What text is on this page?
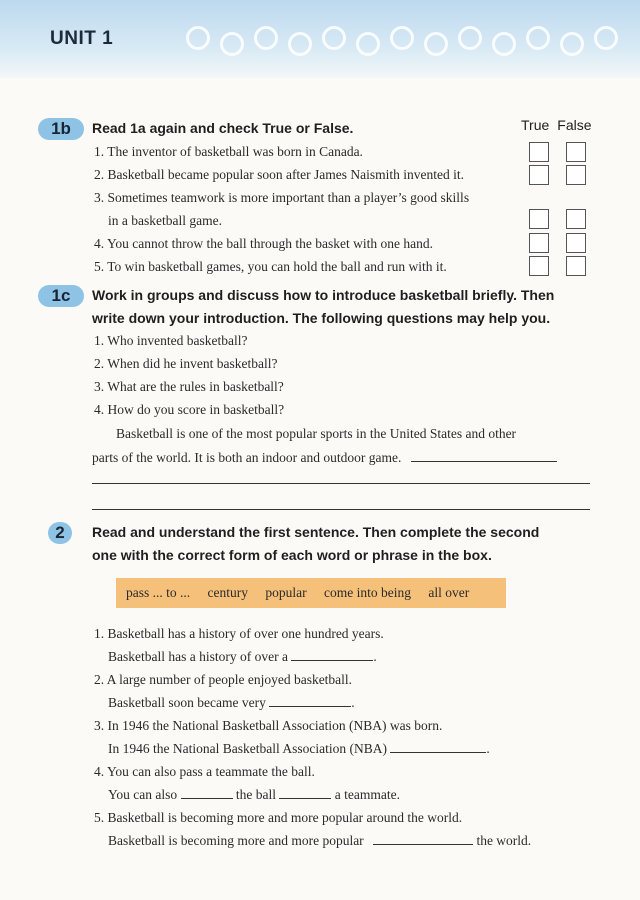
UNIT 1
1b	Read 1a again and check True or False.	True False
1. The inventor of basketball was born in Canada.
2. Basketball became popular soon after James Naismith invented it.
3. Sometimes teamwork is more important than a player’s good skills
in a basketball game.
4. You cannot throw the ball through the basket with one hand.
5. To win basketball games, you can hold the ball and run with it.
1c	Work in groups and discuss how to introduce basketball briefly. Then
write down your introduction. The following questions may help you.
1. Who invented basketball?
2. When did he invent basketball?
3. What are the rules in basketball?
4. How do you score in basketball?
Basketball is one of the most popular sports in the United States and other
parts of the world. It is both an indoor and outdoor game.
2	Read and understand the first sentence. Then complete the second
one with the correct form of each word or phrase in the box.
pass ... to ... century popular come into being all over
1. Basketball has a history of over one hundred years.
Basketball has a history of over a	.
2. A large number of people enjoyed basketball.
Basketball soon became very	.
3. In 1946 the National Basketball Association (NBA) was born.
In 1946 the National Basketball Association (NBA)	.
4. You can also pass a teammate the ball.
You can also	the ball	a teammate.
5. Basketball is becoming more and more popular around the world.
Basketball is becoming more and more popular	the world.
